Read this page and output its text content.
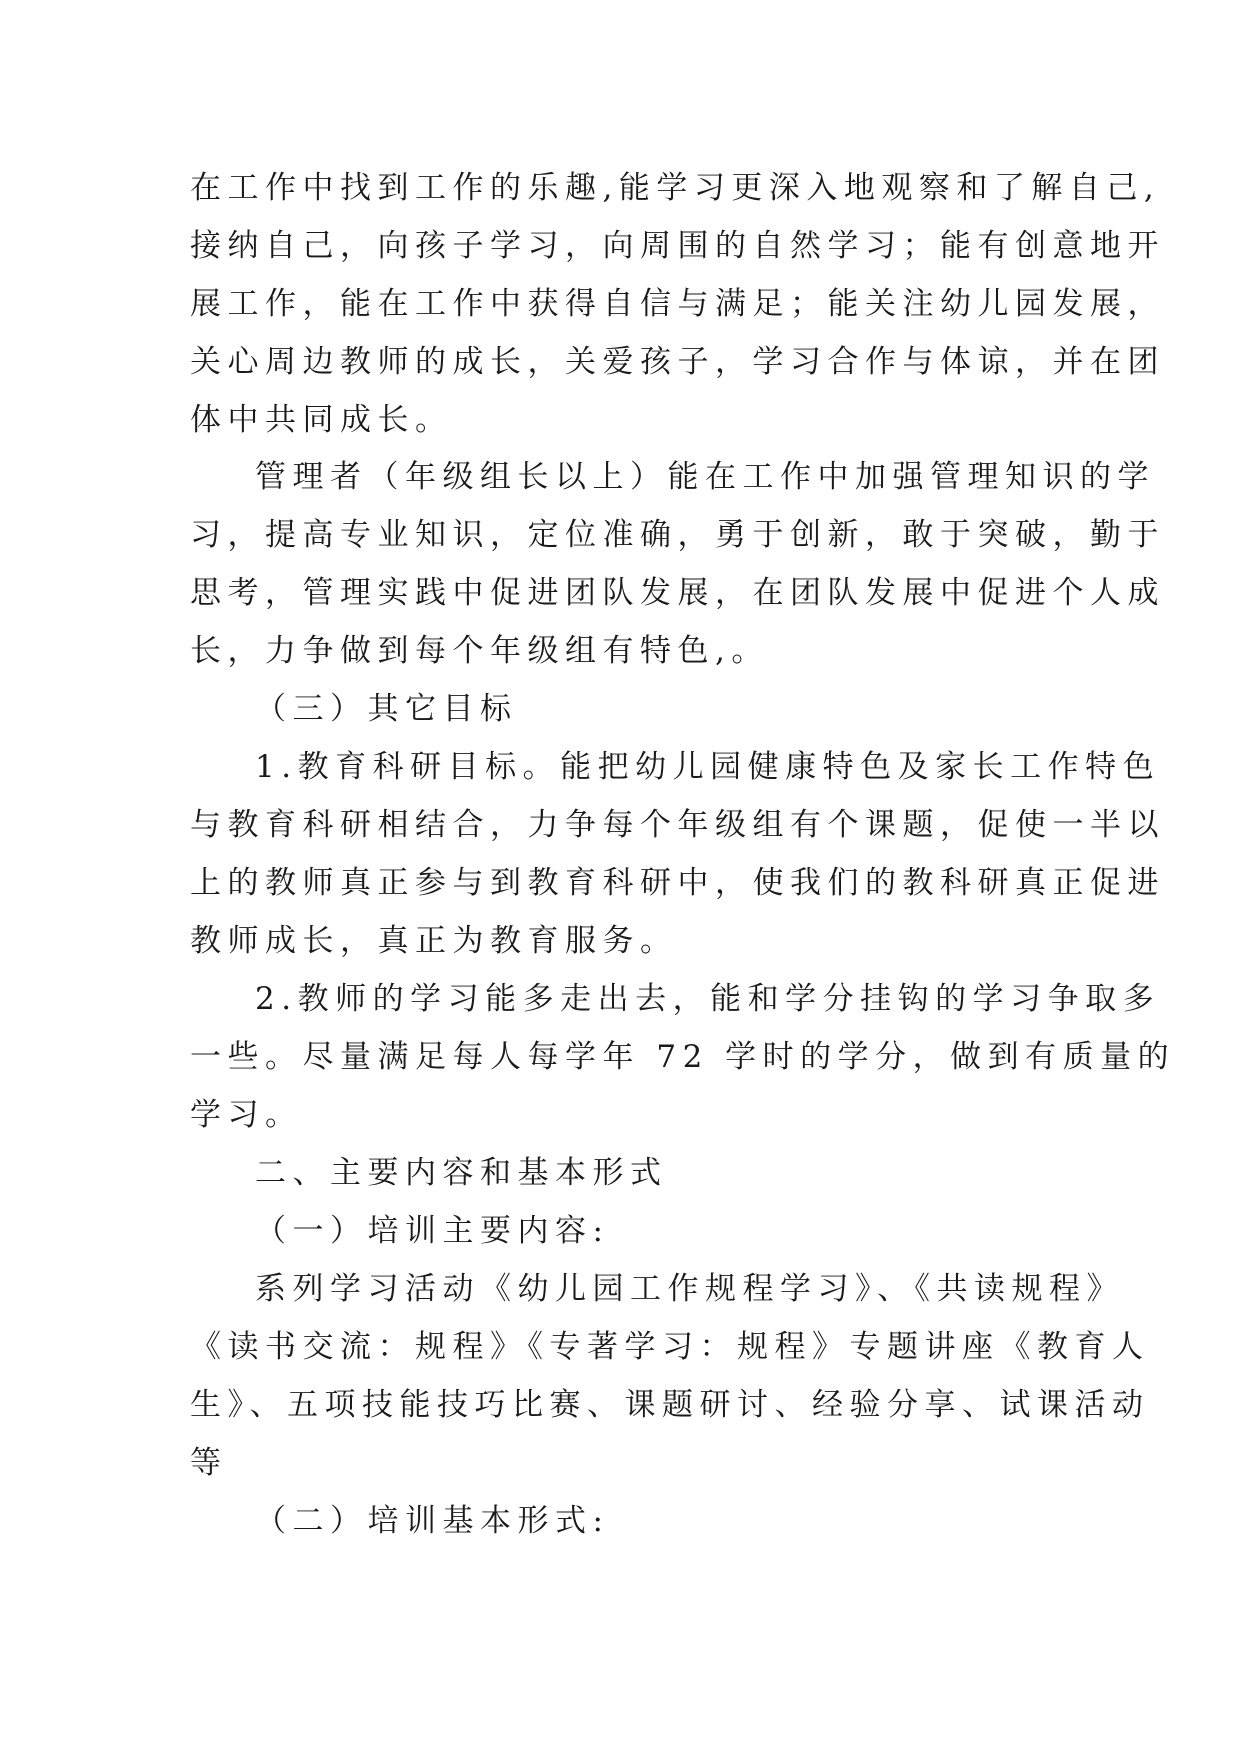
在工作中找到工作的乐趣,能学习更深入地观察和了解自己,
接纳自己，向孩子学习，向周围的自然学习；能有创意地开
展工作，能在工作中获得自信与满足；能关注幼儿园发展，
关心周边教师的成长，关爱孩子，学习合作与体谅，并在团
体中共同成长。
管理者（年级组长以上）能在工作中加强管理知识的学
习，提高专业知识，定位准确，勇于创新，敢于突破，勤于
思考，管理实践中促进团队发展，在团队发展中促进个人成
长，力争做到每个年级组有特色,。
（三）其它目标
1.教育科研目标。能把幼儿园健康特色及家长工作特色
与教育科研相结合，力争每个年级组有个课题，促使一半以
上的教师真正参与到教育科研中，使我们的教科研真正促进
教师成长，真正为教育服务。
2.教师的学习能多走出去，能和学分挂钩的学习争取多
一些。尽量满足每人每学年 72 学时的学分，做到有质量的
学习。
二、主要内容和基本形式
（一）培训主要内容:
系列学习活动《幼儿园工作规程学习》、《共读规程》
《读书交流：规程》《专著学习：规程》专题讲座《教育人
生》、五项技能技巧比赛、课题研讨、经验分享、试课活动
等
（二）培训基本形式:
